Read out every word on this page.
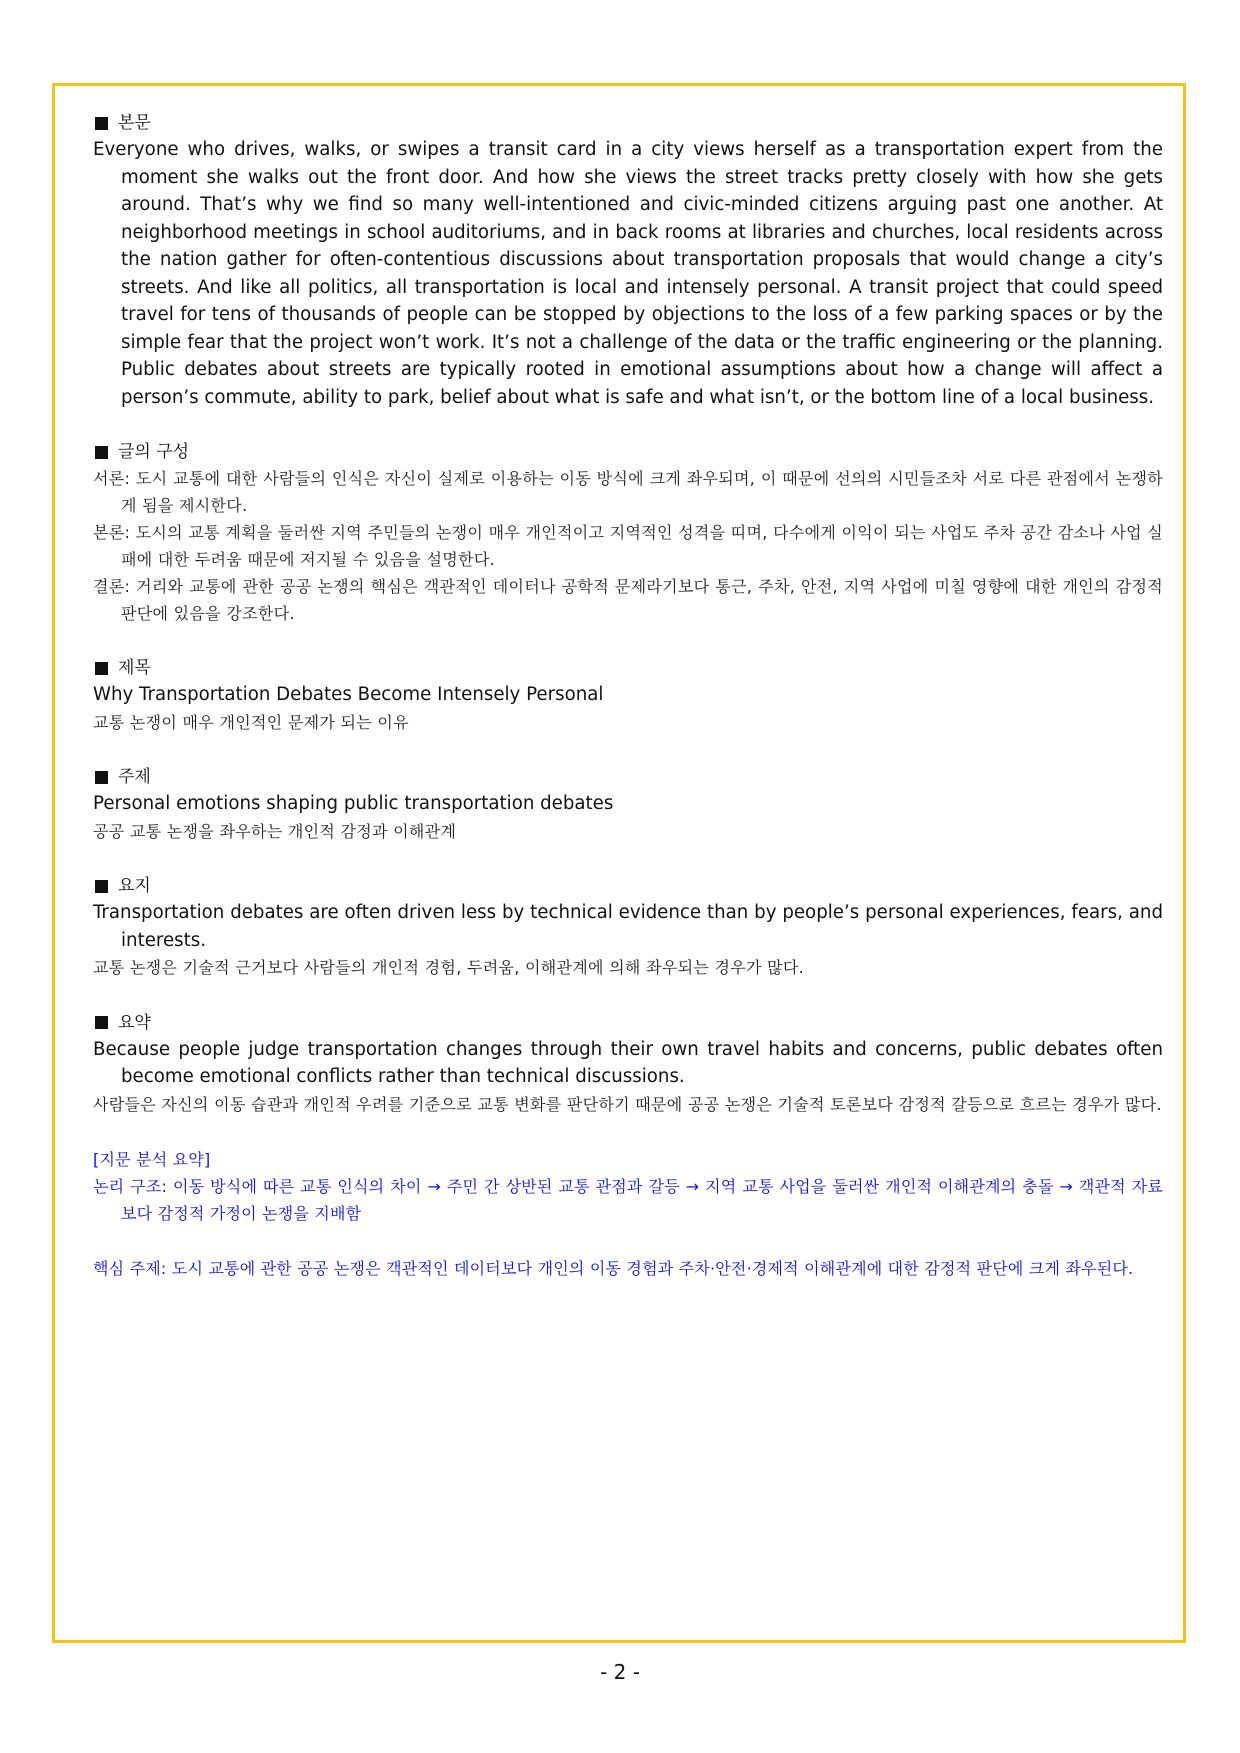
본문
Everyone who drives, walks, or swipes a transit card in a city views herself as a transportation expert from the moment she walks out the front door. And how she views the street tracks pretty closely with how she gets around. That’s why we find so many well-intentioned and civic-minded citizens arguing past one another. At neighborhood meetings in school auditoriums, and in back rooms at libraries and churches, local residents across the nation gather for often-contentious discussions about transportation proposals that would change a city’s streets. And like all politics, all transportation is local and intensely personal. A transit project that could speed travel for tens of thousands of people can be stopped by objections to the loss of a few parking spaces or by the simple fear that the project won’t work. It’s not a challenge of the data or the traffic engineering or the planning. Public debates about streets are typically rooted in emotional assumptions about how a change will affect a person’s commute, ability to park, belief about what is safe and what isn’t, or the bottom line of a local business.
글의 구성
서론: 도시 교통에 대한 사람들의 인식은 자신이 실제로 이용하는 이동 방식에 크게 좌우되며, 이 때문에 선의의 시민들조차 서로 다른 관점에서 논쟁하게 됨을 제시한다.
본론: 도시의 교통 계획을 둘러싼 지역 주민들의 논쟁이 매우 개인적이고 지역적인 성격을 띠며, 다수에게 이익이 되는 사업도 주차 공간 감소나 사업 실패에 대한 두려움 때문에 저지될 수 있음을 설명한다.
결론: 거리와 교통에 관한 공공 논쟁의 핵심은 객관적인 데이터나 공학적 문제라기보다 통근, 주차, 안전, 지역 사업에 미칠 영향에 대한 개인의 감정적 판단에 있음을 강조한다.
제목
Why Transportation Debates Become Intensely Personal
교통 논쟁이 매우 개인적인 문제가 되는 이유
주제
Personal emotions shaping public transportation debates
공공 교통 논쟁을 좌우하는 개인적 감정과 이해관계
요지
Transportation debates are often driven less by technical evidence than by people’s personal experiences, fears, and interests.
교통 논쟁은 기술적 근거보다 사람들의 개인적 경험, 두려움, 이해관계에 의해 좌우되는 경우가 많다.
요약
Because people judge transportation changes through their own travel habits and concerns, public debates often become emotional conflicts rather than technical discussions.
사람들은 자신의 이동 습관과 개인적 우려를 기준으로 교통 변화를 판단하기 때문에 공공 논쟁은 기술적 토론보다 감정적 갈등으로 흐르는 경우가 많다.
[지문 분석 요약]
논리 구조: 이동 방식에 따른 교통 인식의 차이 → 주민 간 상반된 교통 관점과 갈등 → 지역 교통 사업을 둘러싼 개인적 이해관계의 충돌 → 객관적 자료보다 감정적 가정이 논쟁을 지배함
핵심 주제: 도시 교통에 관한 공공 논쟁은 객관적인 데이터보다 개인의 이동 경험과 주차·안전·경제적 이해관계에 대한 감정적 판단에 크게 좌우된다.
- 2 -
